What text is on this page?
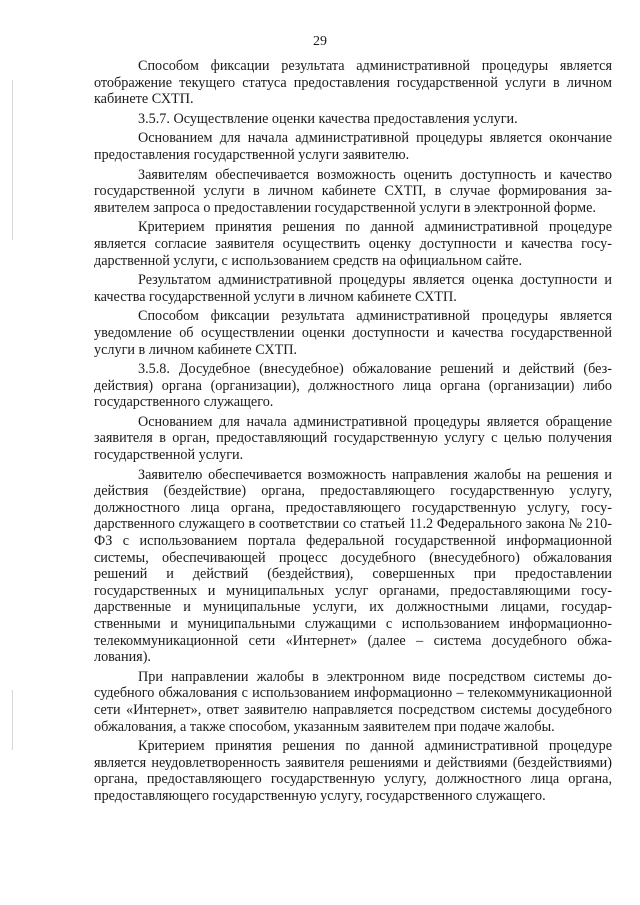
29

Способом фиксации результата административной процедуры является отображение текущего статуса предоставления государственной услуги в личном кабинете СХТП.

3.5.7. Осуществление оценки качества предоставления услуги.

Основанием для начала административной процедуры является окончание предоставления государственной услуги заявителю.

Заявителям обеспечивается возможность оценить доступность и качество государственной услуги в личном кабинете СХТП, в случае формирования заявителем запроса о предоставлении государственной услуги в электронной форме.

Критерием принятия решения по данной административной процедуре является согласие заявителя осуществить оценку доступности и качества государственной услуги, с использованием средств на официальном сайте.

Результатом административной процедуры является оценка доступности и качества государственной услуги в личном кабинете СХТП.

Способом фиксации результата административной процедуры является уведомление об осуществлении оценки доступности и качества государственной услуги в личном кабинете СХТП.

3.5.8. Досудебное (внесудебное) обжалование решений и действий (бездействия) органа (организации), должностного лица органа (организации) либо государственного служащего.

Основанием для начала административной процедуры является обращение заявителя в орган, предоставляющий государственную услугу с целью получения государственной услуги.

Заявителю обеспечивается возможность направления жалобы на решения и действия (бездействие) органа, предоставляющего государственную услугу, должностного лица органа, предоставляющего государственную услугу, государственного служащего в соответствии со статьей 11.2 Федерального закона № 210-ФЗ с использованием портала федеральной государственной информационной системы, обеспечивающей процесс досудебного (внесудебного) обжалования решений и действий (бездействия), совершенных при предоставлении государственных и муниципальных услуг органами, предоставляющими государственные и муниципальные услуги, их должностными лицами, государственными и муниципальными служащими с использованием информационнотелекоммуникационной сети «Интернет» (далее – система досудебного обжалования).

При направлении жалобы в электронном виде посредством системы досудебного обжалования с использованием информационно – телекоммуникационной сети «Интернет», ответ заявителю направляется посредством системы досудебного обжалования, а также способом, указанным заявителем при подаче жалобы.

Критерием принятия решения по данной административной процедуре является неудовлетворенность заявителя решениями и действиями (бездействиями) органа, предоставляющего государственную услугу, должностного лица органа, предоставляющего государственную услугу, государственного служащего.
